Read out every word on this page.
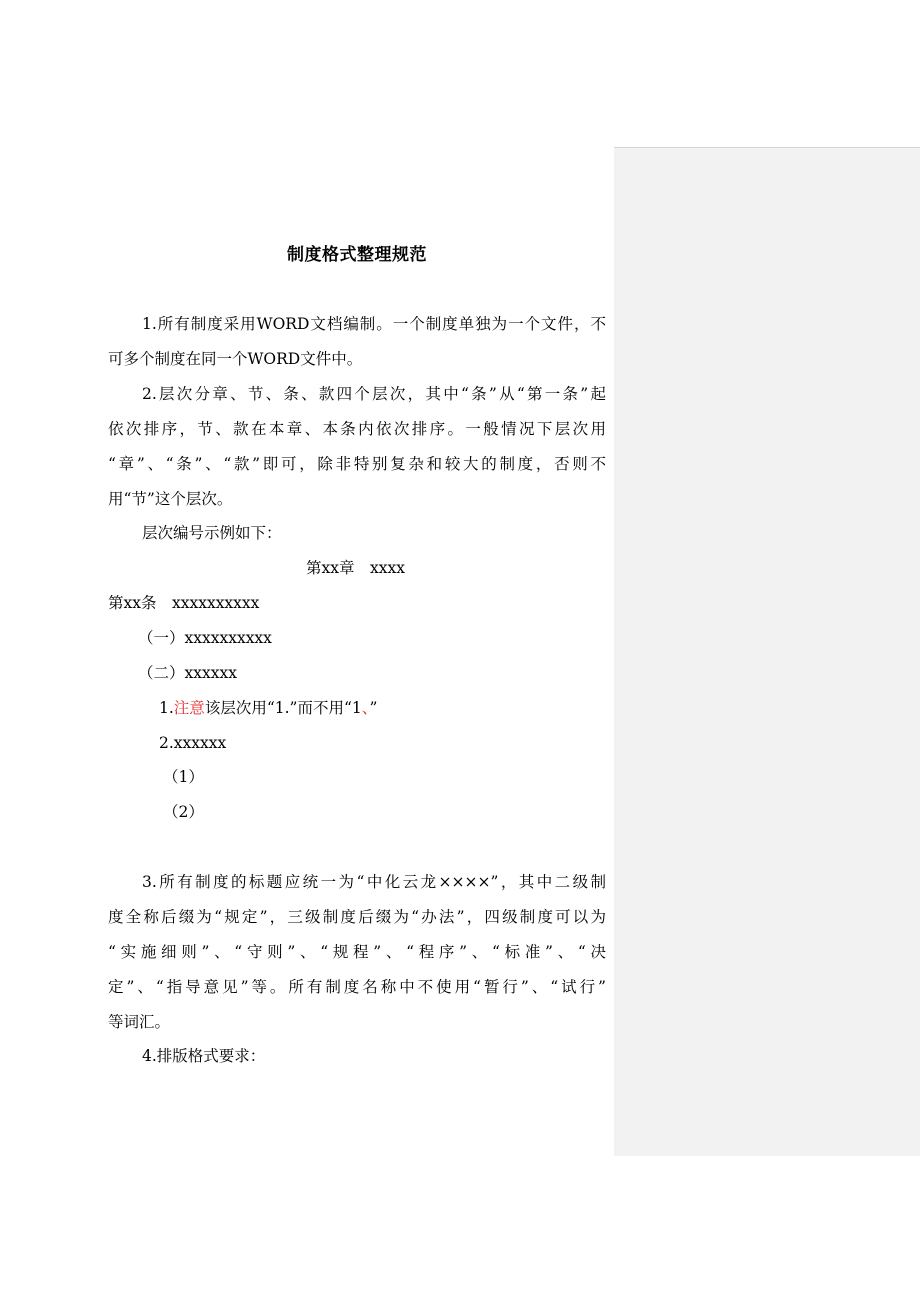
制度格式整理规范
1.所有制度采用WORD文档编制。一个制度单独为一个文件，不
可多个制度在同一个WORD文件中。
2.层次分章、节、条、款四个层次，其中“条”从“第一条”起
依次排序，节、款在本章、本条内依次排序。一般情况下层次用
“章”、“条”、“款”即可，除非特别复杂和较大的制度，否则不
用“节”这个层次。
层次编号示例如下：
第xx章　xxxx
第xx条　xxxxxxxxxx
（一）xxxxxxxxxx
（二）xxxxxx
1.注意该层次用“1.”而不用“1、”
2.xxxxxx
（1）
（2）
3.所有制度的标题应统一为“中化云龙××××”，其中二级制
度全称后缀为“规定”，三级制度后缀为“办法”，四级制度可以为
“实施细则”、“守则”、“规程”、“程序”、“标准”、“决
定”、“指导意见”等。所有制度名称中不使用“暂行”、“试行”
等词汇。
4.排版格式要求：
